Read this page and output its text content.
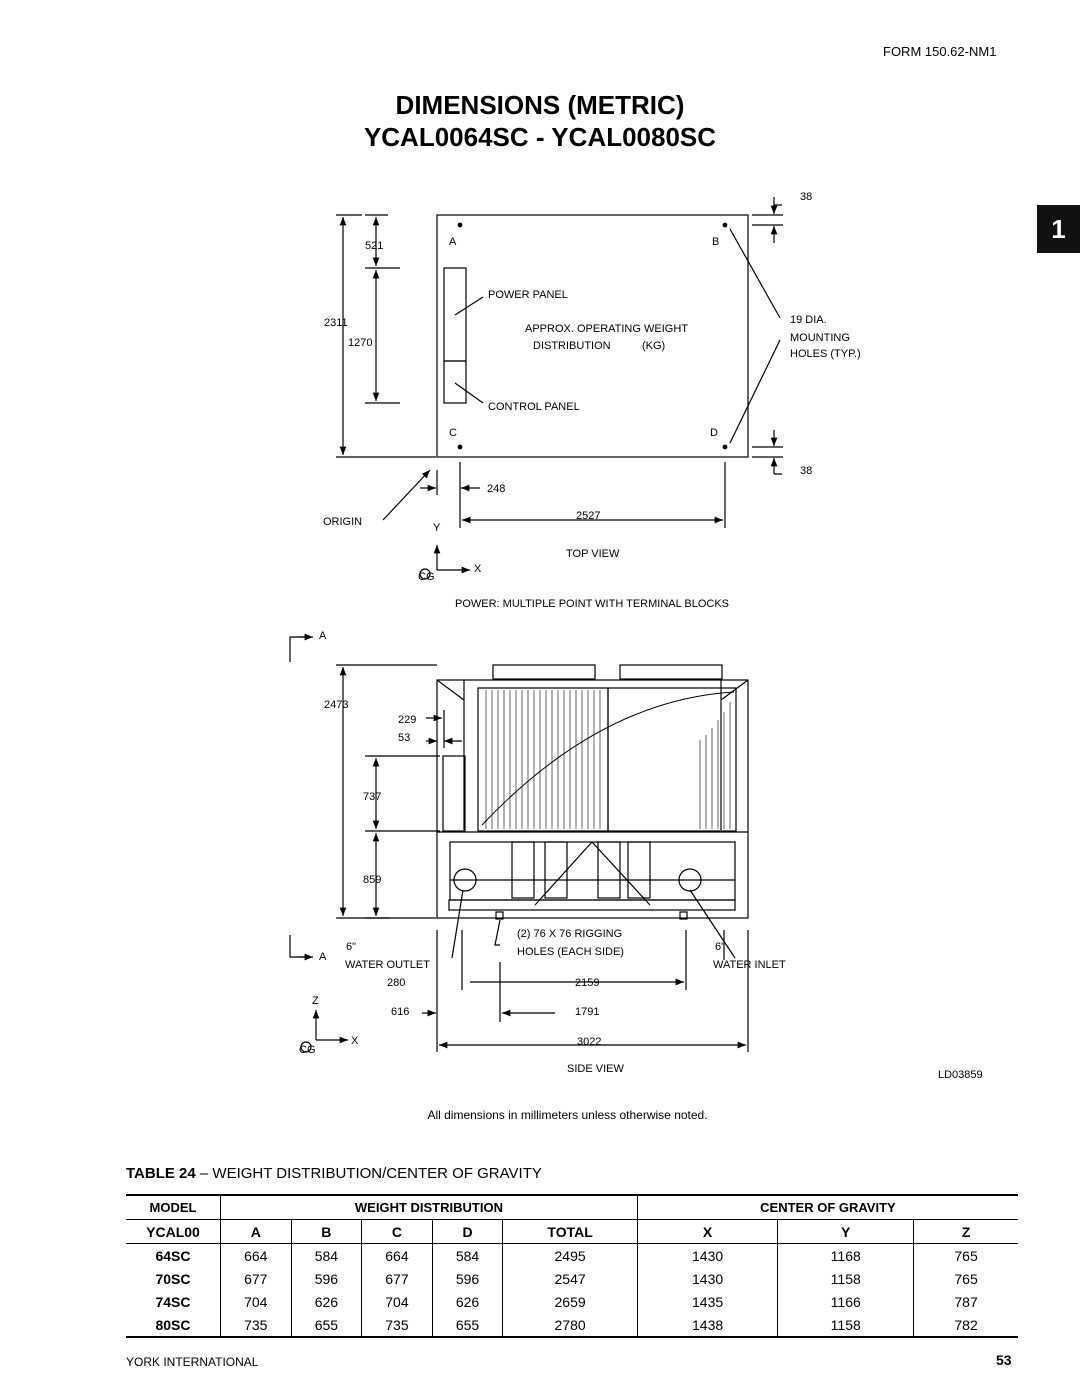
FORM 150.62-NM1
DIMENSIONS (METRIC)
YCAL0064SC - YCAL0080SC
1
38
38
521
2311
1270
248
2527
A	B
C	D
POWER PANEL
APPROX. OPERATING WEIGHT
DISTRIBUTION	(KG)
CONTROL PANEL
19 DIA.
MOUNTING
HOLES (TYP.)
ORIGIN	Y
X
CG
TOP VIEW
POWER: MULTIPLE POINT WITH TERMINAL BLOCKS
A
A
2473
229
53
737
859
6"	6"
WATER OUTLET	WATER INLET
(2) 76 X 76 RIGGING
HOLES (EACH SIDE)
280	2159
616	1791
3022
Z
X
CG
SIDE VIEW	LD03859
All dimensions in millimeters unless otherwise noted.
TABLE 24 – WEIGHT DISTRIBUTION/CENTER OF GRAVITY
MODEL	WEIGHT DISTRIBUTION					CENTER OF GRAVITY		
YCAL00	A	B	C	D	TOTAL	X	Y	Z
64SC	664	584	664	584	2495	1430	1168	765
70SC	677	596	677	596	2547	1430	1158	765
74SC	704	626	704	626	2659	1435	1166	787
80SC	735	655	735	655	2780	1438	1158	782
YORK INTERNATIONAL	53
